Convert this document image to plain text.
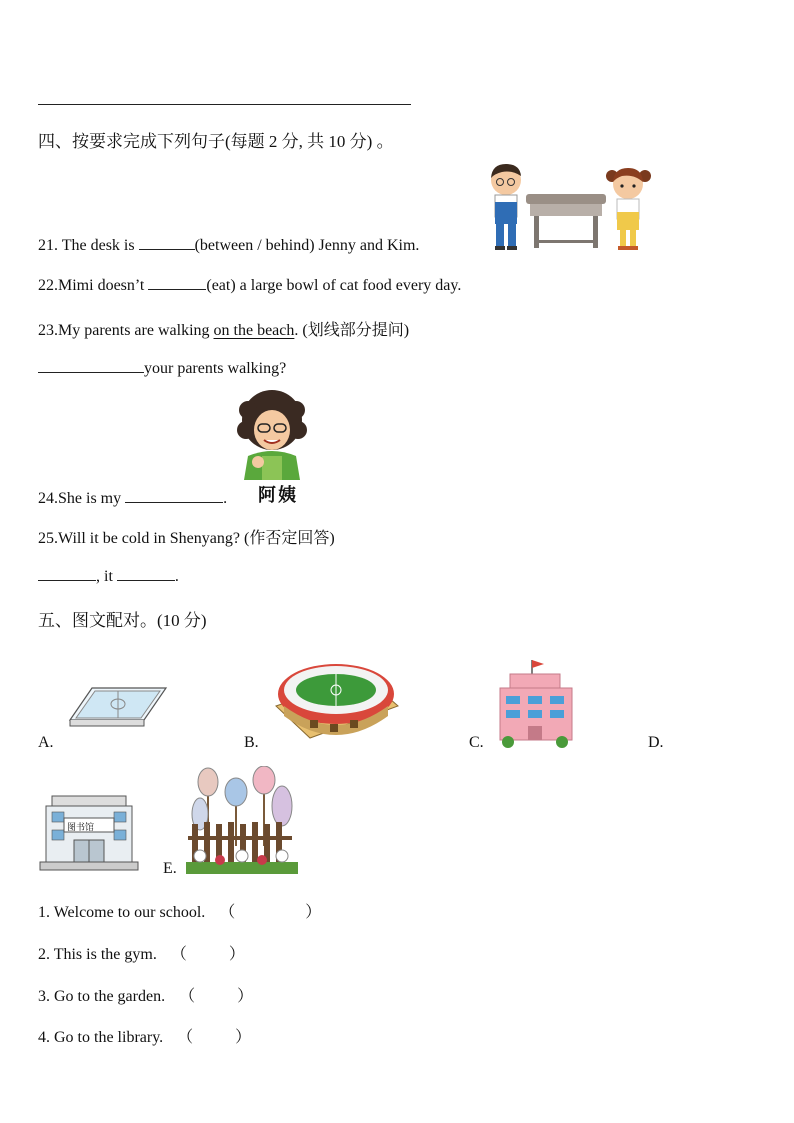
四、按要求完成下列句子(每题 2 分, 共 10 分) 。
21. The desk is	(between / behind) Jenny and Kim.
22.Mimi doesn’t	(eat) a large bowl of cat food every day.
23.My parents are walking on the beach. (划线部分提问)
your parents walking?
阿姨
24.She is my	.
25.Will it be cold in Shenyang? (作否定回答)
, it	.
五、图文配对。(10 分)
A.	B.	C.	D.
图书馆
E.
1. Welcome to our school. （	）
2. This is the gym. （	）
3. Go to the garden. （	）
4. Go to the library. （	）
